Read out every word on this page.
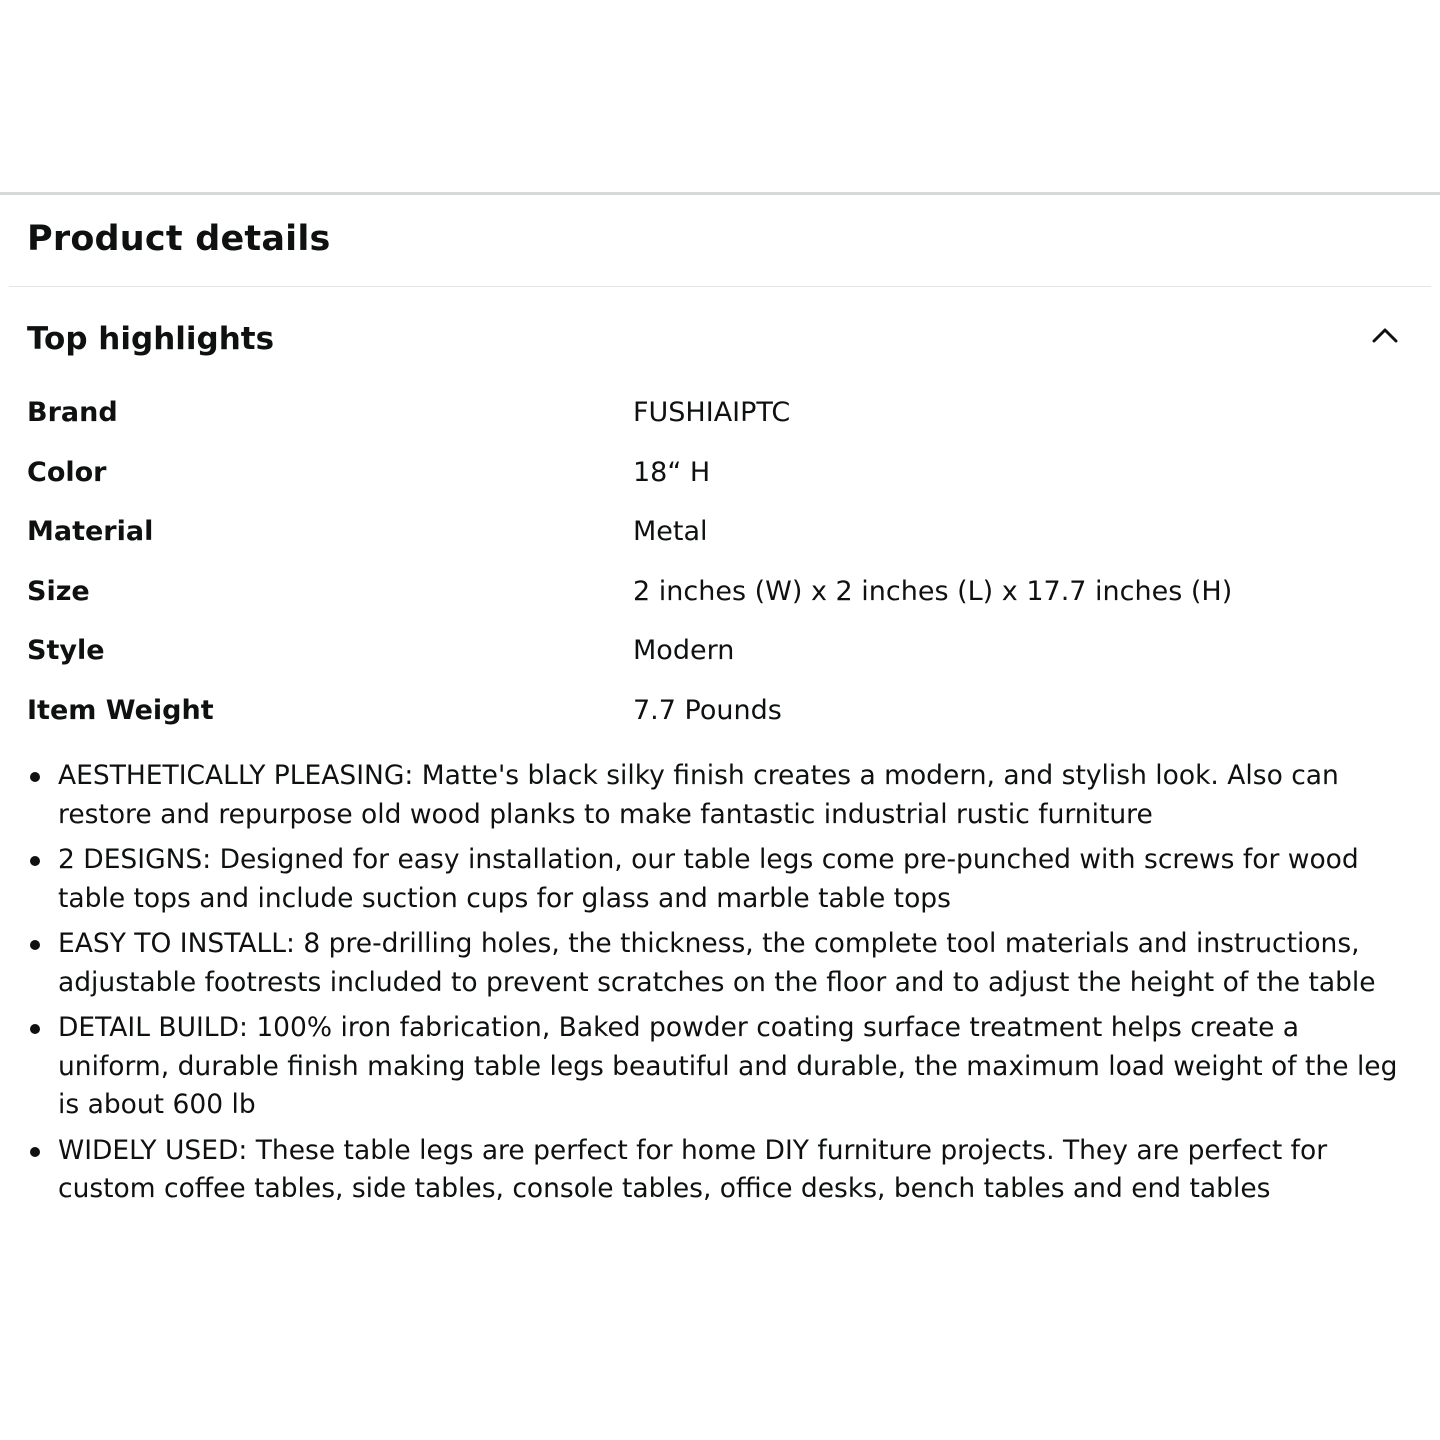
Product details
Top highlights
Brand	FUSHIAIPTC
Color	18“ H
Material	Metal
Size	2 inches (W) x 2 inches (L) x 17.7 inches (H)
Style	Modern
Item Weight	7.7 Pounds
AESTHETICALLY PLEASING: Matte's black silky finish creates a modern, and stylish look. Also can restore and repurpose old wood planks to make fantastic industrial rustic furniture
2 DESIGNS: Designed for easy installation, our table legs come pre-punched with screws for wood table tops and include suction cups for glass and marble table tops
EASY TO INSTALL: 8 pre-drilling holes, the thickness, the complete tool materials and instructions, adjustable footrests included to prevent scratches on the floor and to adjust the height of the table
DETAIL BUILD: 100% iron fabrication, Baked powder coating surface treatment helps create a uniform, durable finish making table legs beautiful and durable, the maximum load weight of the leg is about 600 lb
WIDELY USED: These table legs are perfect for home DIY furniture projects. They are perfect for custom coffee tables, side tables, console tables, office desks, bench tables and end tables
